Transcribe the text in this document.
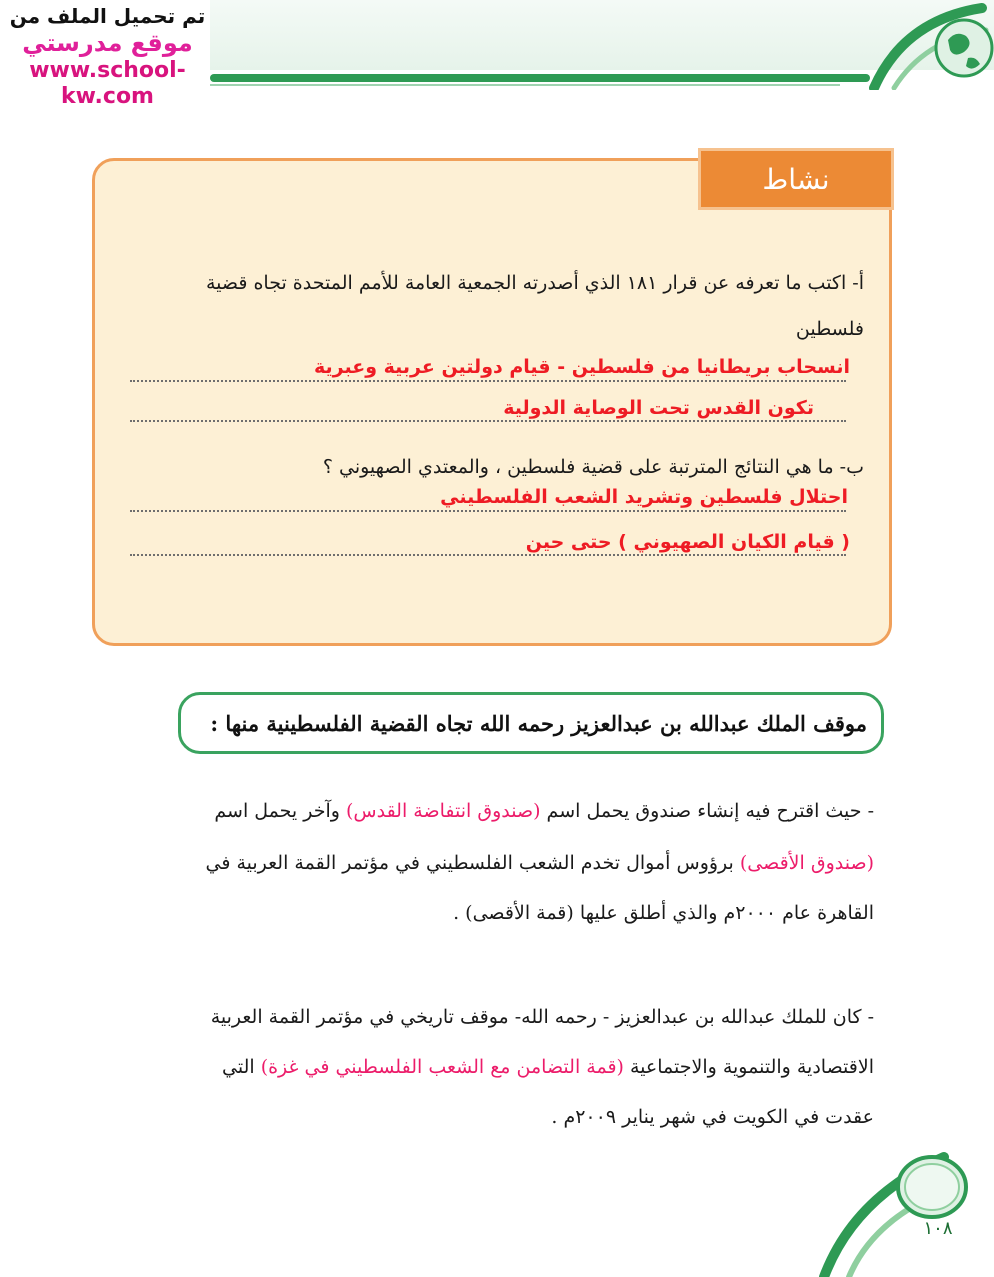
تم تحميل الملف من
موقع مدرستي
www.school-kw.com
نشاط
أ- اكتب ما تعرفه عن قرار ١٨١ الذي أصدرته الجمعية العامة للأمم المتحدة تجاه قضية
فلسطين
انسحاب بريطانيا من فلسطين - قيام دولتين عربية وعبرية
تكون القدس تحت الوصاية الدولية
ب- ما هي النتائج المترتبة على قضية فلسطين ، والمعتدي الصهيوني ؟
احتلال فلسطين وتشريد الشعب الفلسطيني
( قيام الكيان الصهيوني ) حتى حين
موقف الملك عبدالله بن عبدالعزيز رحمه الله تجاه القضية الفلسطينية منها :
- حيث اقترح فيه إنشاء صندوق يحمل اسم (صندوق انتفاضة القدس) وآخر يحمل اسم
(صندوق الأقصى) برؤوس أموال تخدم الشعب الفلسطيني في مؤتمر القمة العربية في
القاهرة عام ٢٠٠٠م والذي أطلق عليها (قمة الأقصى) .
- كان للملك عبدالله بن عبدالعزيز - رحمه الله- موقف تاريخي في مؤتمر القمة العربية
الاقتصادية والتنموية والاجتماعية (قمة التضامن مع الشعب الفلسطيني في غزة) التي
عقدت في الكويت في شهر يناير ٢٠٠٩م .
١٠٨
